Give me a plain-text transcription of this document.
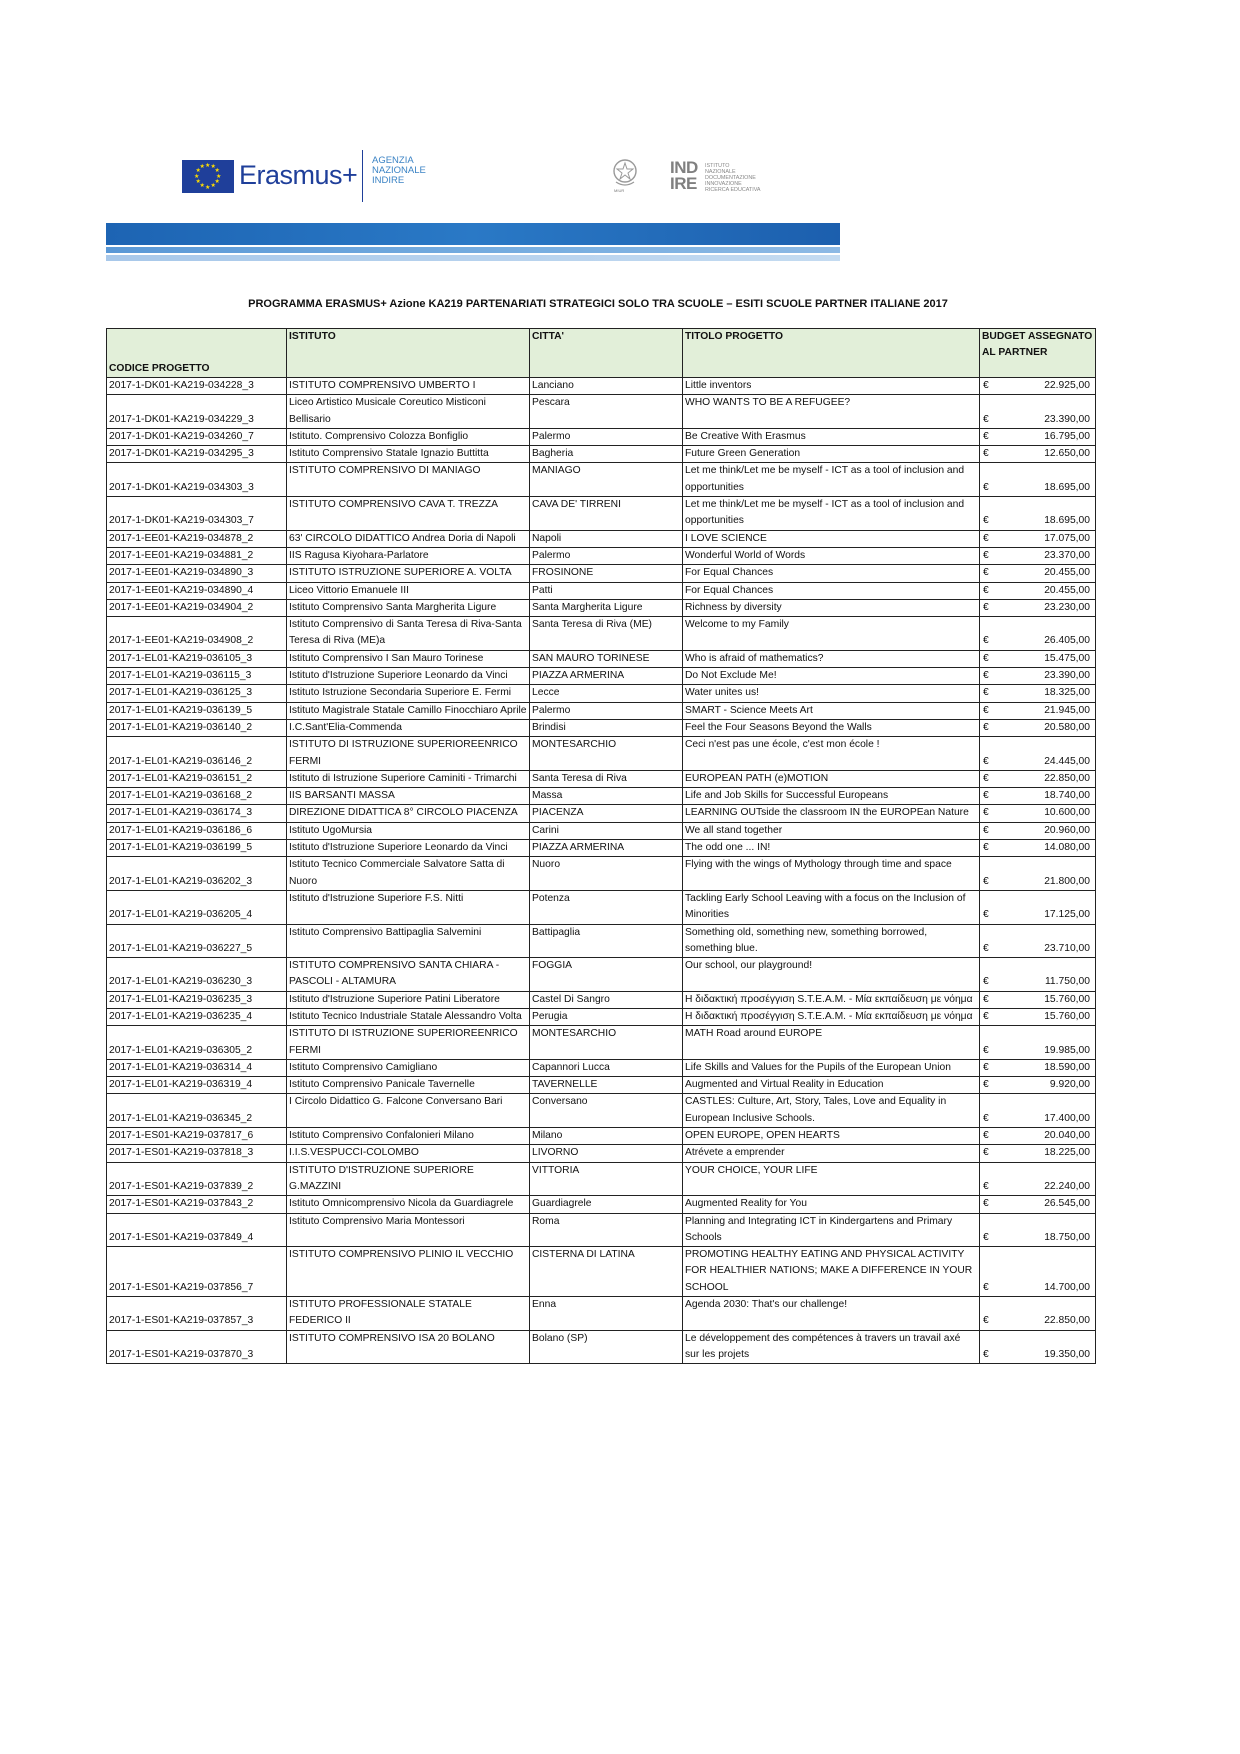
★
★
★
★
★
★
★
★
★ ★ ★
★ Erasmus+ AGENZIA
NAZIONALE
INDIRE
MIUR
IND
IRE
ISTITUTO
NAZIONALE
DOCUMENTAZIONE
INNOVAZIONE
RICERCA EDUCATIVA
PROGRAMMA ERASMUS+ Azione KA219 PARTENARIATI STRATEGICI SOLO TRA SCUOLE – ESITI SCUOLE PARTNER ITALIANE 2017
CODICE PROGETTO	ISTITUTO	CITTA'	TITOLO PROGETTO	BUDGET ASSEGNATO AL PARTNER
2017-1-DK01-KA219-034228_3	ISTITUTO COMPRENSIVO UMBERTO I	Lanciano	Little inventors	€ 22.925,00

2017-1-DK01-KA219-034229_3	Liceo Artistico Musicale Coreutico Misticoni Bellisario	Pescara	WHO WANTS TO BE A REFUGEE?	€ 23.390,00

2017-1-DK01-KA219-034260_7	Istituto. Comprensivo Colozza Bonfiglio	Palermo	Be Creative With Erasmus	€ 16.795,00

2017-1-DK01-KA219-034295_3	Istituto Comprensivo Statale Ignazio Buttitta	Bagheria	Future Green Generation	€ 12.650,00

2017-1-DK01-KA219-034303_3	ISTITUTO COMPRENSIVO DI MANIAGO	MANIAGO	Let me think/Let me be myself - ICT as a tool of inclusion and opportunities	€ 18.695,00

2017-1-DK01-KA219-034303_7	ISTITUTO COMPRENSIVO CAVA T. TREZZA	CAVA DE' TIRRENI	Let me think/Let me be myself - ICT as a tool of inclusion and opportunities	€ 18.695,00

2017-1-EE01-KA219-034878_2	63' CIRCOLO DIDATTICO Andrea Doria di Napoli	Napoli	I LOVE SCIENCE	€ 17.075,00

2017-1-EE01-KA219-034881_2	IIS Ragusa Kiyohara-Parlatore	Palermo	Wonderful World of Words	€ 23.370,00

2017-1-EE01-KA219-034890_3	ISTITUTO ISTRUZIONE SUPERIORE A. VOLTA	FROSINONE	For Equal Chances	€ 20.455,00

2017-1-EE01-KA219-034890_4	Liceo Vittorio Emanuele III	Patti	For Equal Chances	€ 20.455,00

2017-1-EE01-KA219-034904_2	Istituto Comprensivo Santa Margherita Ligure	Santa Margherita Ligure	Richness by diversity	€ 23.230,00

2017-1-EE01-KA219-034908_2	Istituto Comprensivo di Santa Teresa di Riva-Santa Teresa di Riva (ME)a	Santa Teresa di Riva (ME)	Welcome to my Family	€ 26.405,00

2017-1-EL01-KA219-036105_3	Istituto Comprensivo I San Mauro Torinese	SAN MAURO TORINESE	Who is afraid of mathematics?	€ 15.475,00

2017-1-EL01-KA219-036115_3	Istituto d'Istruzione Superiore Leonardo da Vinci	PIAZZA ARMERINA	Do Not Exclude Me!	€ 23.390,00

2017-1-EL01-KA219-036125_3	Istituto Istruzione Secondaria Superiore E. Fermi	Lecce	Water unites us!	€ 18.325,00

2017-1-EL01-KA219-036139_5	Istituto Magistrale Statale Camillo Finocchiaro Aprile	Palermo	SMART - Science Meets Art	€ 21.945,00

2017-1-EL01-KA219-036140_2	I.C.Sant'Elia-Commenda	Brindisi	Feel the Four Seasons Beyond the Walls	€ 20.580,00

2017-1-EL01-KA219-036146_2	ISTITUTO DI ISTRUZIONE SUPERIOREENRICO FERMI	MONTESARCHIO	Ceci n'est pas une école, c'est mon école !	€ 24.445,00

2017-1-EL01-KA219-036151_2	Istituto di Istruzione Superiore Caminiti - Trimarchi	Santa Teresa di Riva	EUROPEAN PATH (e)MOTION	€ 22.850,00

2017-1-EL01-KA219-036168_2	IIS BARSANTI MASSA	Massa	Life and Job Skills for Successful Europeans	€ 18.740,00

2017-1-EL01-KA219-036174_3	DIREZIONE DIDATTICA 8° CIRCOLO PIACENZA	PIACENZA	LEARNING OUTside the classroom IN the EUROPEan Nature	€ 10.600,00

2017-1-EL01-KA219-036186_6	Istituto UgoMursia	Carini	We all stand together	€ 20.960,00

2017-1-EL01-KA219-036199_5	Istituto d'Istruzione Superiore Leonardo da Vinci	PIAZZA ARMERINA	The odd one ... IN!	€ 14.080,00

2017-1-EL01-KA219-036202_3	Istituto Tecnico Commerciale Salvatore Satta di Nuoro	Nuoro	Flying with the wings of Mythology through time and space	€ 21.800,00

2017-1-EL01-KA219-036205_4	Istituto d'Istruzione Superiore F.S. Nitti	Potenza	Tackling Early School Leaving with a focus on the Inclusion of Minorities	€ 17.125,00

2017-1-EL01-KA219-036227_5	Istituto Comprensivo Battipaglia Salvemini	Battipaglia	Something old, something new, something borrowed, something blue.	€ 23.710,00

2017-1-EL01-KA219-036230_3	ISTITUTO COMPRENSIVO SANTA CHIARA - PASCOLI - ALTAMURA	FOGGIA	Our school, our playground!	€ 11.750,00

2017-1-EL01-KA219-036235_3	Istituto d'Istruzione Superiore Patini Liberatore	Castel Di Sangro	Η διδακτική προσέγγιση S.T.E.A.M. - Μία εκπαίδευση με νόημα	€ 15.760,00

2017-1-EL01-KA219-036235_4	Istituto Tecnico Industriale Statale Alessandro Volta	Perugia	Η διδακτική προσέγγιση S.T.E.A.M. - Μία εκπαίδευση με νόημα	€ 15.760,00

2017-1-EL01-KA219-036305_2	ISTITUTO DI ISTRUZIONE SUPERIOREENRICO FERMI	MONTESARCHIO	MATH Road around EUROPE	€ 19.985,00

2017-1-EL01-KA219-036314_4	Istituto Comprensivo Camigliano	Capannori Lucca	Life Skills and Values for the Pupils of the European Union	€ 18.590,00

2017-1-EL01-KA219-036319_4	Istituto Comprensivo Panicale Tavernelle	TAVERNELLE	Augmented and Virtual Reality in Education	€ 9.920,00

2017-1-EL01-KA219-036345_2	I Circolo Didattico G. Falcone Conversano Bari	Conversano	CASTLES: Culture, Art, Story, Tales, Love and Equality in European Inclusive Schools.	€ 17.400,00

2017-1-ES01-KA219-037817_6	Istituto Comprensivo Confalonieri Milano	Milano	OPEN EUROPE, OPEN HEARTS	€ 20.040,00

2017-1-ES01-KA219-037818_3	I.I.S.VESPUCCI-COLOMBO	LIVORNO	Atrévete a emprender	€ 18.225,00

2017-1-ES01-KA219-037839_2	ISTITUTO D'ISTRUZIONE SUPERIORE G.MAZZINI	VITTORIA	YOUR CHOICE, YOUR LIFE	€ 22.240,00

2017-1-ES01-KA219-037843_2	Istituto Omnicomprensivo Nicola da Guardiagrele	Guardiagrele	Augmented Reality for You	€ 26.545,00

2017-1-ES01-KA219-037849_4	Istituto Comprensivo Maria Montessori	Roma	Planning and Integrating ICT in Kindergartens and Primary Schools	€ 18.750,00

2017-1-ES01-KA219-037856_7	ISTITUTO COMPRENSIVO PLINIO IL VECCHIO	CISTERNA DI LATINA	PROMOTING HEALTHY EATING AND PHYSICAL ACTIVITY FOR HEALTHIER NATIONS; MAKE A DIFFERENCE IN YOUR SCHOOL	€ 14.700,00

2017-1-ES01-KA219-037857_3	ISTITUTO PROFESSIONALE STATALE FEDERICO II	Enna	Agenda 2030: That's our challenge!	€ 22.850,00

2017-1-ES01-KA219-037870_3	ISTITUTO COMPRENSIVO ISA 20 BOLANO	Bolano (SP)	Le développement des compétences à travers un travail axé sur les projets	€ 19.350,00
